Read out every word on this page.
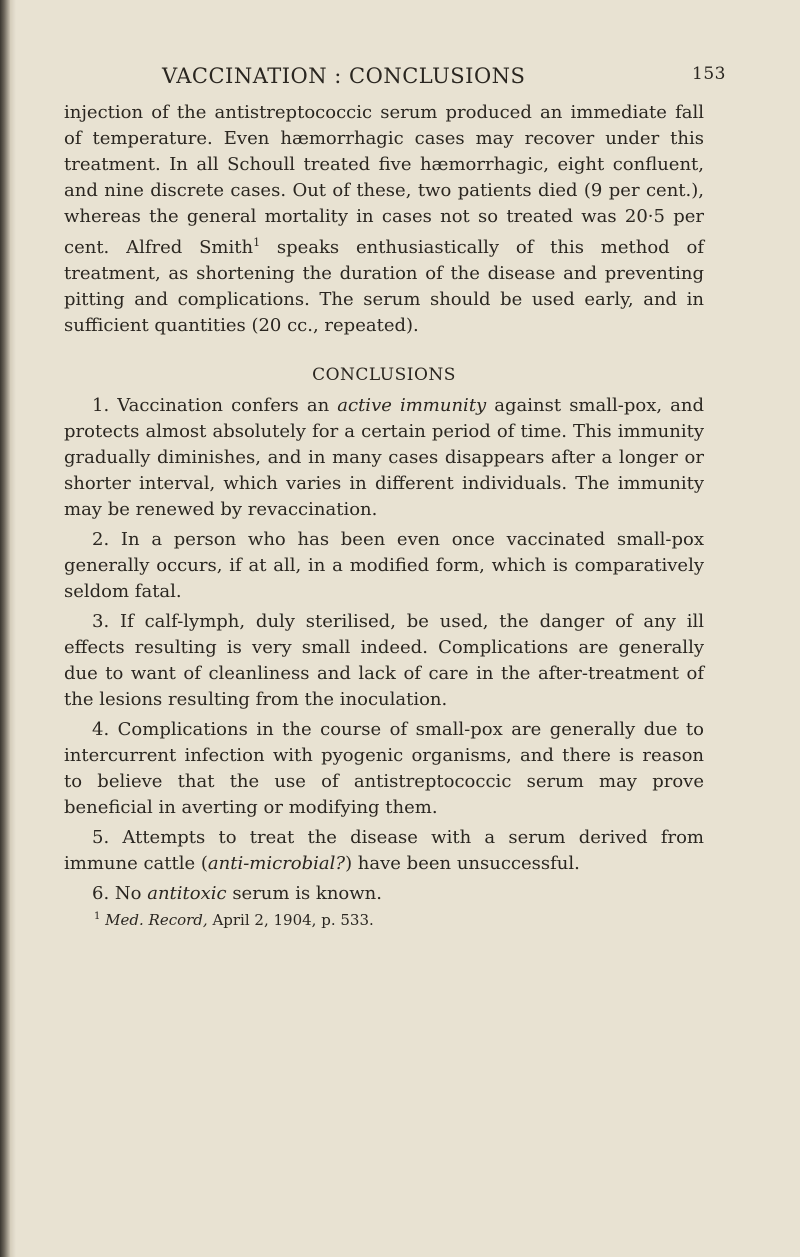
VACCINATION : CONCLUSIONS	153

injection of the antistreptococcic serum produced an immediate fall of temperature. Even hæmorrhagic cases may recover under this treatment. In all Schoull treated five hæmorrhagic, eight confluent, and nine discrete cases. Out of these, two patients died (9 per cent.), whereas the general mortality in cases not so treated was 20·5 per cent. Alfred Smith$^1$ speaks enthusiastically of this method of treatment, as shortening the duration of the disease and preventing pitting and complications. The serum should be used early, and in sufficient quantities (20 cc., repeated).

CONCLUSIONS

1. Vaccination confers an active immunity against small-pox, and protects almost absolutely for a certain period of time. This immunity gradually diminishes, and in many cases disappears after a longer or shorter interval, which varies in different individuals. The immunity may be renewed by revaccination.

2. In a person who has been even once vaccinated small-pox generally occurs, if at all, in a modified form, which is comparatively seldom fatal.

3. If calf-lymph, duly sterilised, be used, the danger of any ill effects resulting is very small indeed. Complications are generally due to want of cleanliness and lack of care in the after-treatment of the lesions resulting from the inoculation.

4. Complications in the course of small-pox are generally due to intercurrent infection with pyogenic organisms, and there is reason to believe that the use of antistreptococcic serum may prove beneficial in averting or modifying them.

5. Attempts to treat the disease with a serum derived from immune cattle (anti-microbial?) have been unsuccessful.

6. No antitoxic serum is known.

$^1$ Med. Record, April 2, 1904, p. 533.
